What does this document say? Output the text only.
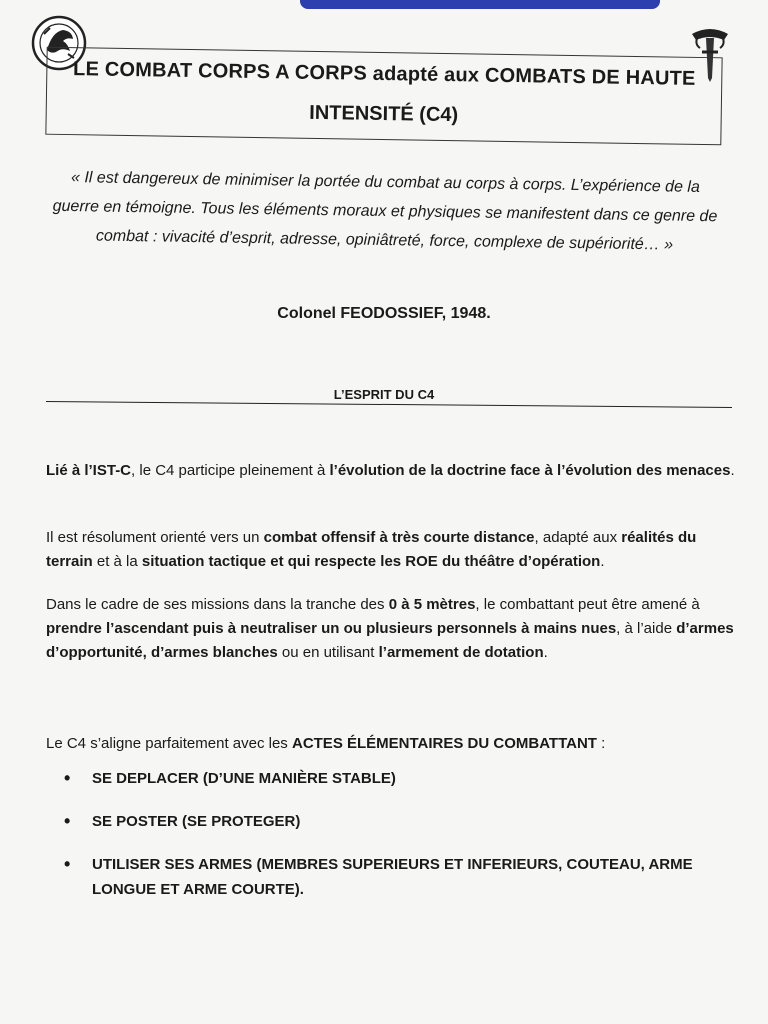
LE COMBAT CORPS A CORPS adapté aux COMBATS DE HAUTE
INTENSITÉ (C4)
« Il est dangereux de minimiser la portée du combat au corps à corps. L’expérience de la guerre en témoigne. Tous les éléments moraux et physiques se manifestent dans ce genre de combat : vivacité d’esprit, adresse, opiniâtreté, force, complexe de supériorité… »
Colonel FEODOSSIEF, 1948.
L’ESPRIT DU C4

Lié à l’IST-C, le C4 participe pleinement à l’évolution de la doctrine face à l’évolution des menaces.

Il est résolument orienté vers un combat offensif à très courte distance, adapté aux réalités du terrain et à la situation tactique et qui respecte les ROE du théâtre d’opération.

Dans le cadre de ses missions dans la tranche des 0 à 5 mètres, le combattant peut être amené à prendre l’ascendant puis à neutraliser un ou plusieurs personnels à mains nues, à l’aide d’armes d’opportunité, d’armes blanches ou en utilisant l’armement de dotation.

Le C4 s’aligne parfaitement avec les ACTES ÉLÉMENTAIRES DU COMBATTANT :

• SE DEPLACER (D’UNE MANIÈRE STABLE)
• SE POSTER (SE PROTEGER)
• UTILISER SES ARMES (MEMBRES SUPERIEURS ET INFERIEURS, COUTEAU, ARME LONGUE ET ARME COURTE).
